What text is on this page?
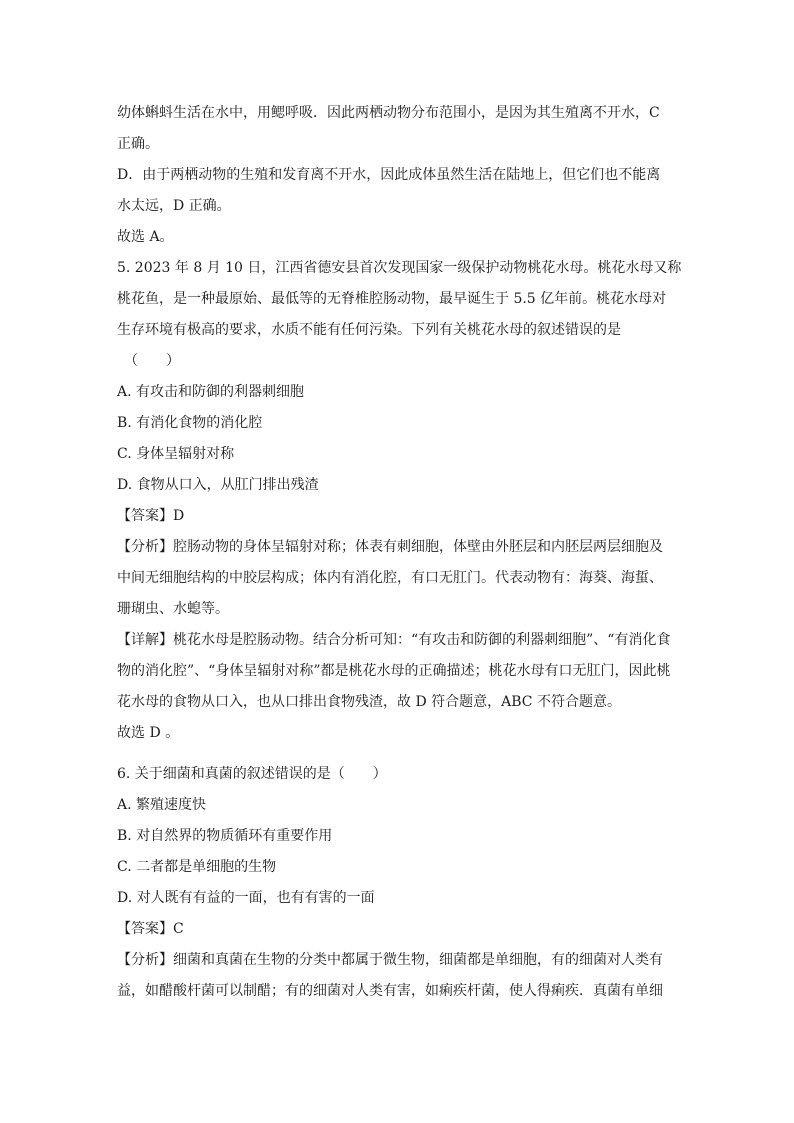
幼体蝌蚪生活在水中，用鳃呼吸．因此两栖动物分布范围小，是因为其生殖离不开水，C
正确。
D．由于两栖动物的生殖和发育离不开水，因此成体虽然生活在陆地上，但它们也不能离
水太远，D 正确。
故选 A。
5. 2023 年 8 月 10 日，江西省德安县首次发现国家一级保护动物桃花水母。桃花水母又称
桃花鱼，是一种最原始、最低等的无脊椎腔肠动物，最早诞生于 5.5 亿年前。桃花水母对
生存环境有极高的要求，水质不能有任何污染。下列有关桃花水母的叙述错误的是
（　　）
A. 有攻击和防御的利器刺细胞
B. 有消化食物的消化腔
C. 身体呈辐射对称
D. 食物从口入，从肛门排出残渣
【答案】D
【分析】腔肠动物的身体呈辐射对称；体表有刺细胞，体壁由外胚层和内胚层两层细胞及
中间无细胞结构的中胶层构成；体内有消化腔，有口无肛门。代表动物有：海葵、海蜇、
珊瑚虫、水螅等。
【详解】桃花水母是腔肠动物。结合分析可知：“有攻击和防御的利器刺细胞”、“有消化食
物的消化腔”、“身体呈辐射对称”都是桃花水母的正确描述；桃花水母有口无肛门，因此桃
花水母的食物从口入，也从口排出食物残渣，故 D 符合题意，ABC 不符合题意。
故选 D 。
6. 关于细菌和真菌的叙述错误的是（　　）
A. 繁殖速度快
B. 对自然界的物质循环有重要作用
C. 二者都是单细胞的生物
D. 对人既有有益的一面，也有有害的一面
【答案】C
【分析】细菌和真菌在生物的分类中都属于微生物，细菌都是单细胞，有的细菌对人类有
益，如醋酸杆菌可以制醋；有的细菌对人类有害，如痢疾杆菌，使人得痢疾．真菌有单细
